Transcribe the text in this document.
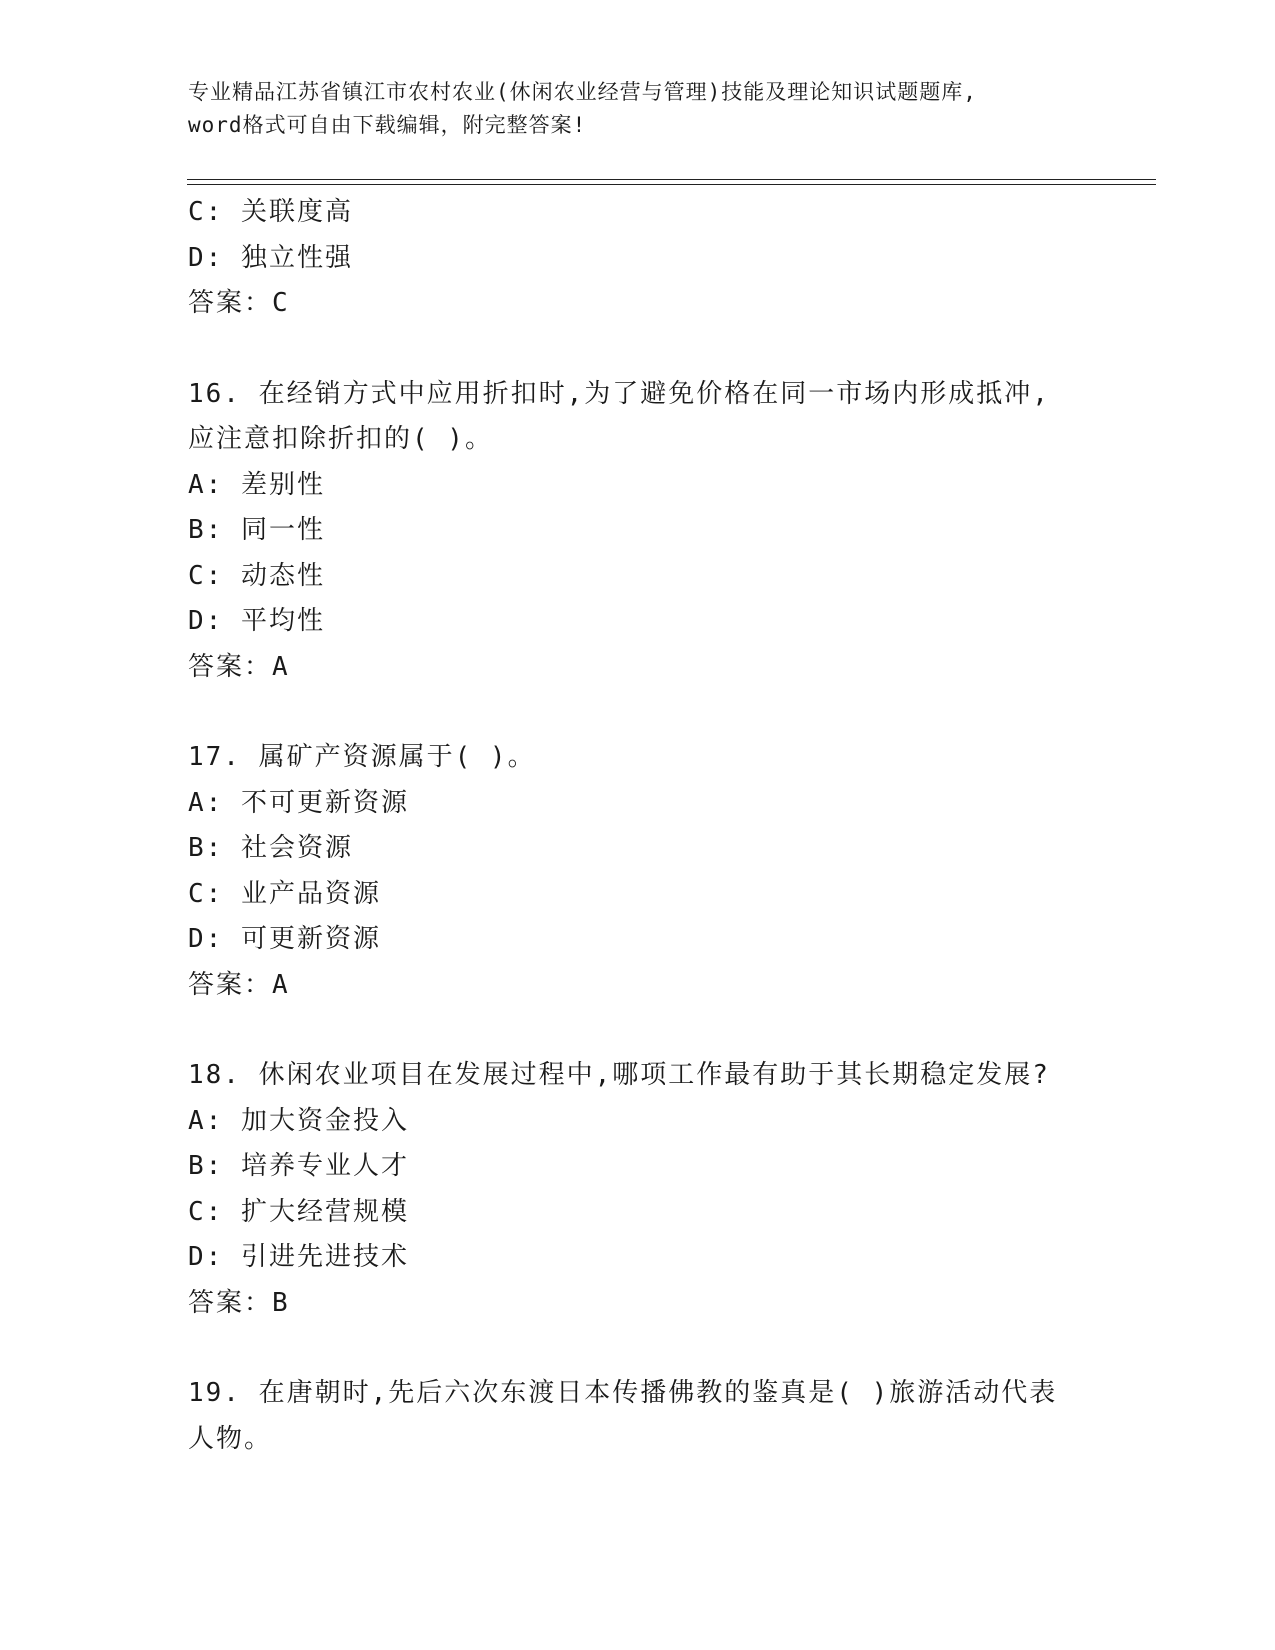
专业精品江苏省镇江市农村农业(休闲农业经营与管理)技能及理论知识试题题库,
word格式可自由下载编辑，附完整答案!
C: 关联度高
D: 独立性强
答案：C
16. 在经销方式中应用折扣时,为了避免价格在同一市场内形成抵冲,应注意扣除折扣的( )。
A: 差别性
B: 同一性
C: 动态性
D: 平均性
答案：A
17. 属矿产资源属于( )。
A: 不可更新资源
B: 社会资源
C: 业产品资源
D: 可更新资源
答案：A
18. 休闲农业项目在发展过程中,哪项工作最有助于其长期稳定发展?
A: 加大资金投入
B: 培养专业人才
C: 扩大经营规模
D: 引进先进技术
答案：B
19. 在唐朝时,先后六次东渡日本传播佛教的鉴真是( )旅游活动代表人物。
